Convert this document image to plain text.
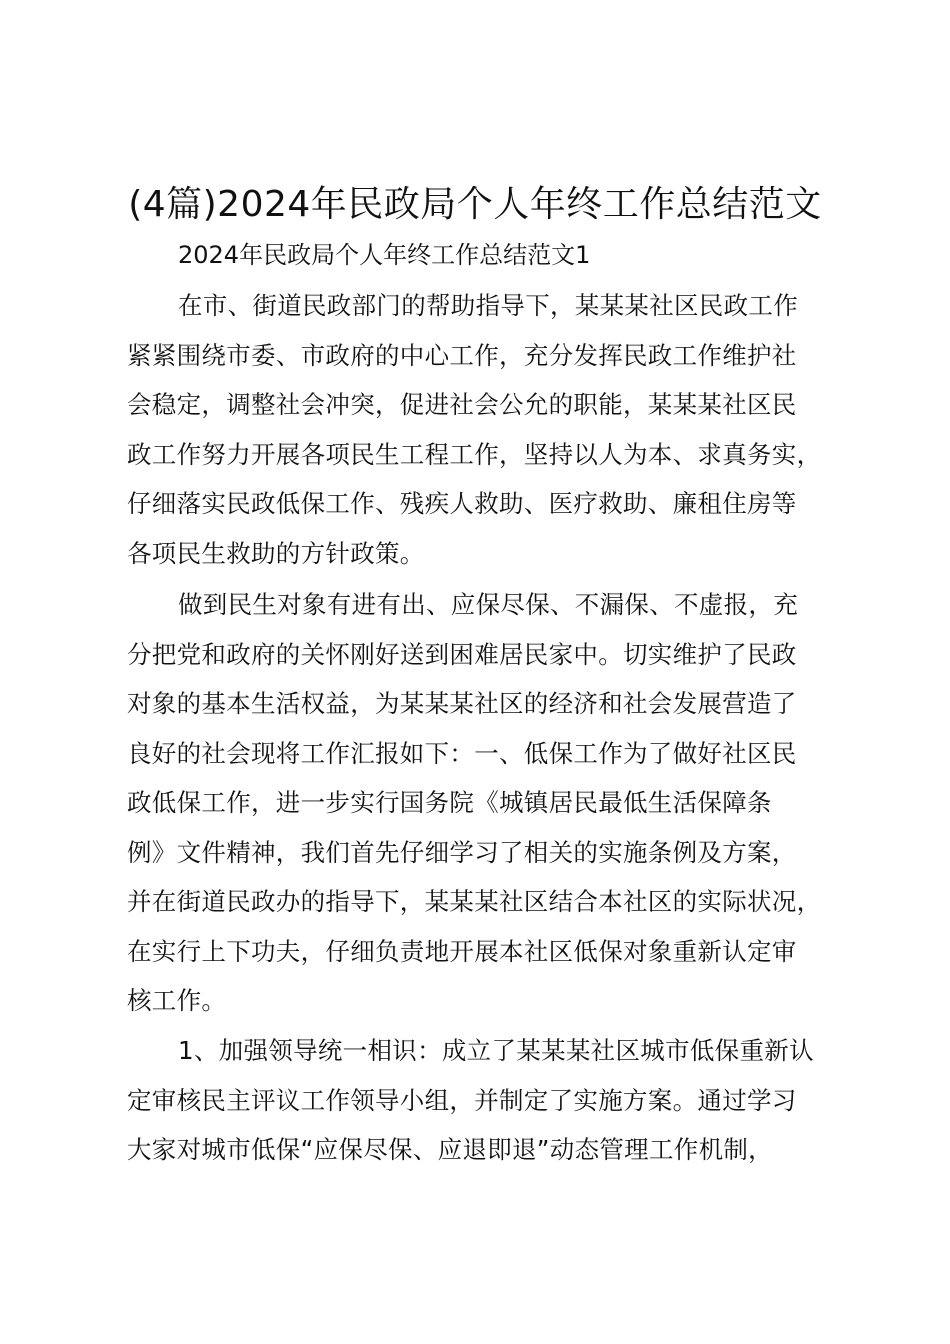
(4篇)2024年民政局个人年终工作总结范文
2024年民政局个人年终工作总结范文1
在市、街道民政部门的帮助指导下，某某某社区民政工作
紧紧围绕市委、市政府的中心工作，充分发挥民政工作维护社
会稳定，调整社会冲突，促进社会公允的职能，某某某社区民
政工作努力开展各项民生工程工作，坚持以人为本、求真务实，
仔细落实民政低保工作、残疾人救助、医疗救助、廉租住房等
各项民生救助的方针政策。
做到民生对象有进有出、应保尽保、不漏保、不虚报，充
分把党和政府的关怀刚好送到困难居民家中。切实维护了民政
对象的基本生活权益，为某某某社区的经济和社会发展营造了
良好的社会现将工作汇报如下：一、低保工作为了做好社区民
政低保工作，进一步实行国务院《城镇居民最低生活保障条
例》文件精神，我们首先仔细学习了相关的实施条例及方案，
并在街道民政办的指导下，某某某社区结合本社区的实际状况，
在实行上下功夫，仔细负责地开展本社区低保对象重新认定审
核工作。
1、加强领导统一相识：成立了某某某社区城市低保重新认
定审核民主评议工作领导小组，并制定了实施方案。通过学习
大家对城市低保“应保尽保、应退即退”动态管理工作机制，
